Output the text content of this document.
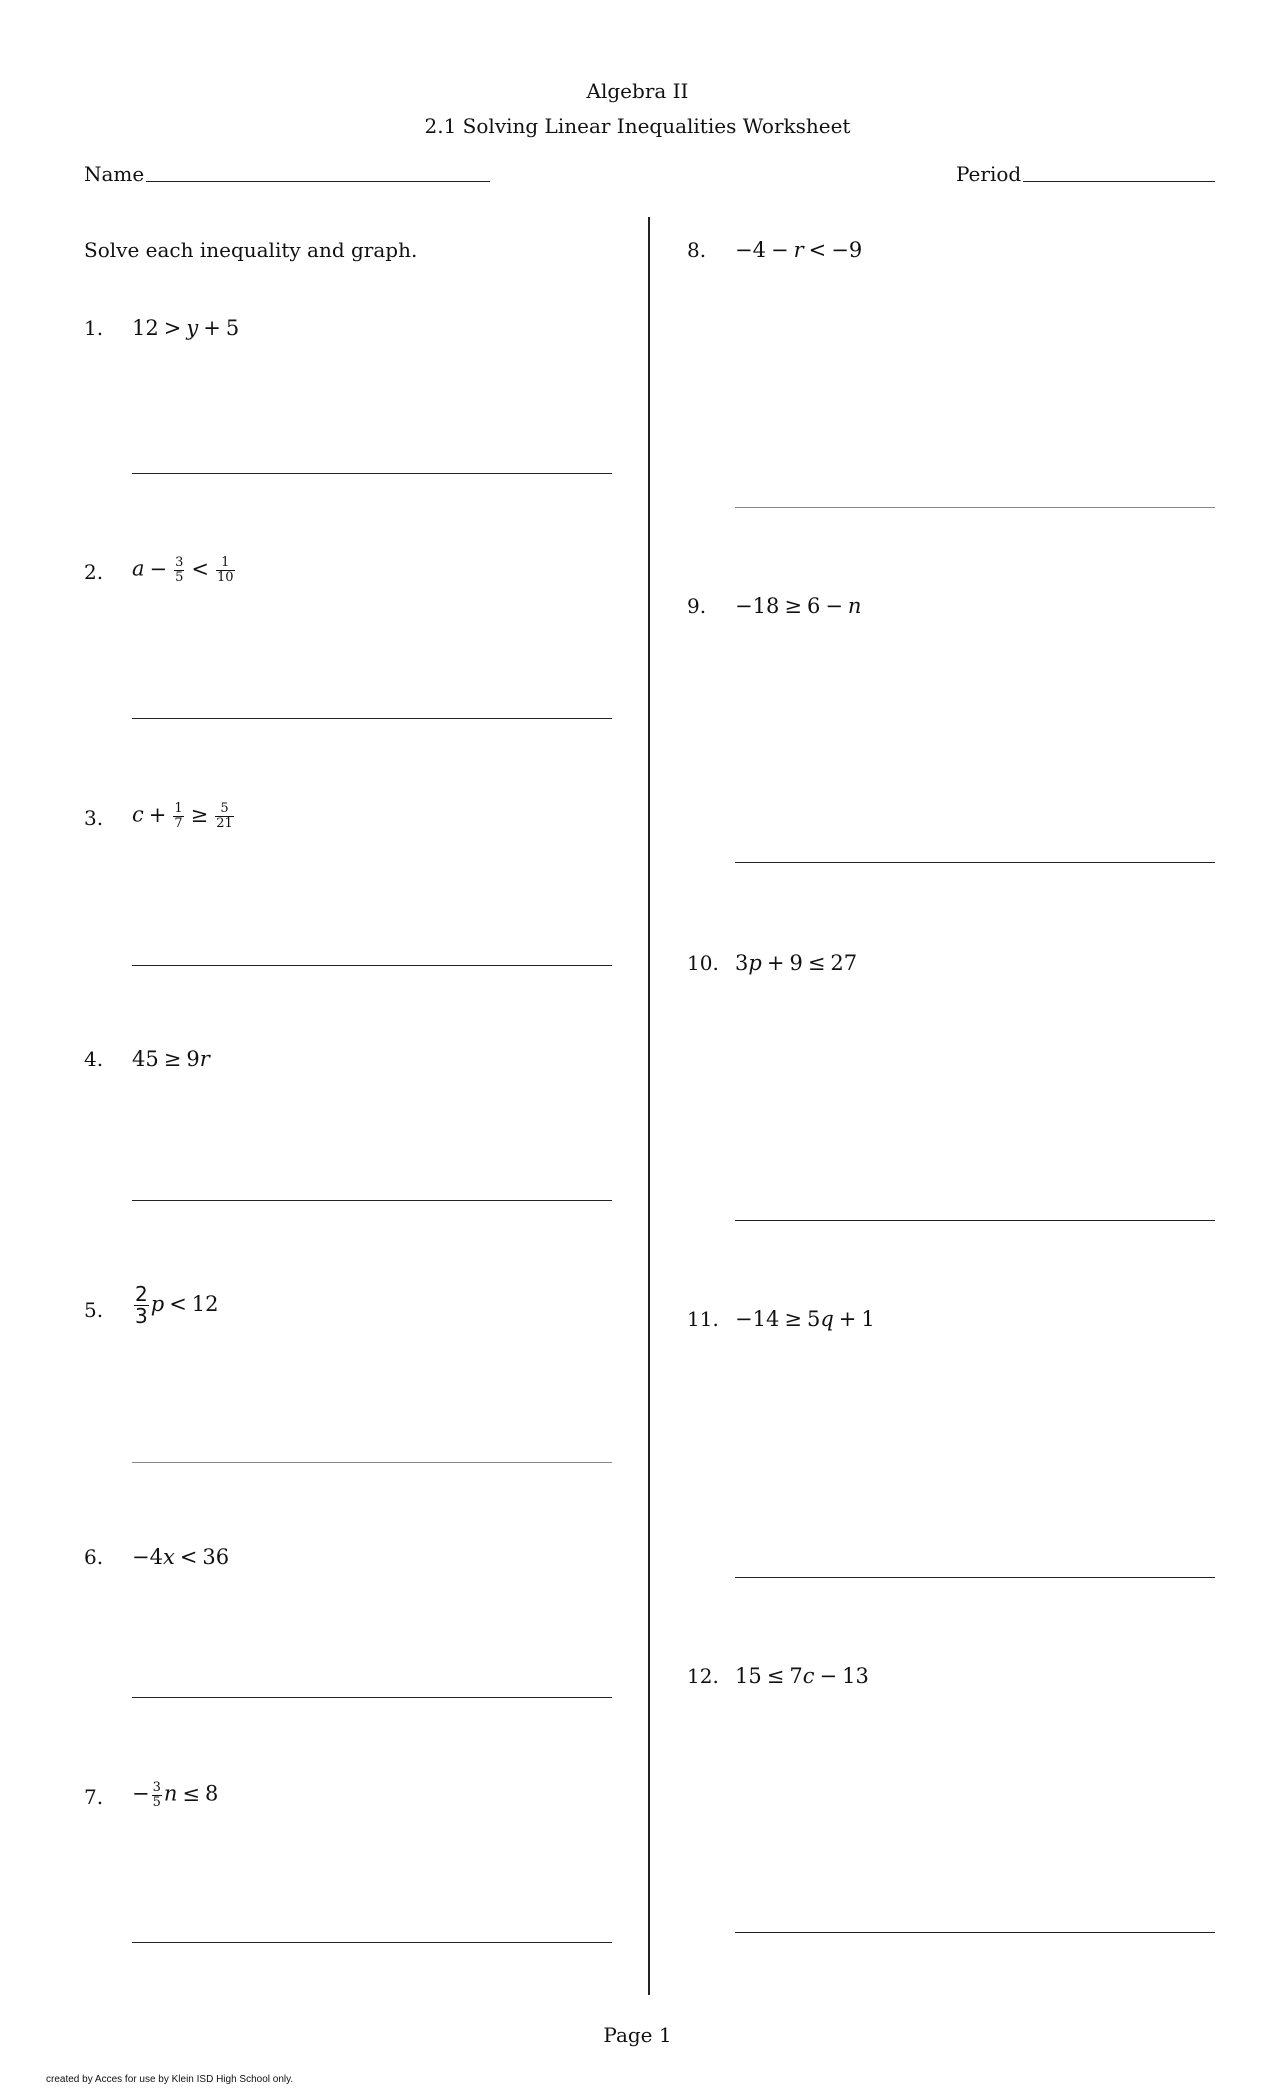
Algebra II
2.1 Solving Linear Inequalities Worksheet
Name	Period
Solve each inequality and graph.
1. 12 > y + 5
2. $a - \frac{3}{5} < \frac{1}{10}$
3. $c + \frac{1}{7} \ge \frac{5}{21}$
4. 45 ≥ 9r
5. $\frac{2}{3}$ p < 12
6. −4x < 36
7. − $\frac{3}{5}$ n ≤ 8
8. −4 − r < −9
9. −18 ≥ 6 − n
10. 3p + 9 ≤ 27
11. −14 ≥ 5q + 1
12. 15 ≤ 7c − 13
Page 1
created by Acces for use by Klein ISD High School only.
